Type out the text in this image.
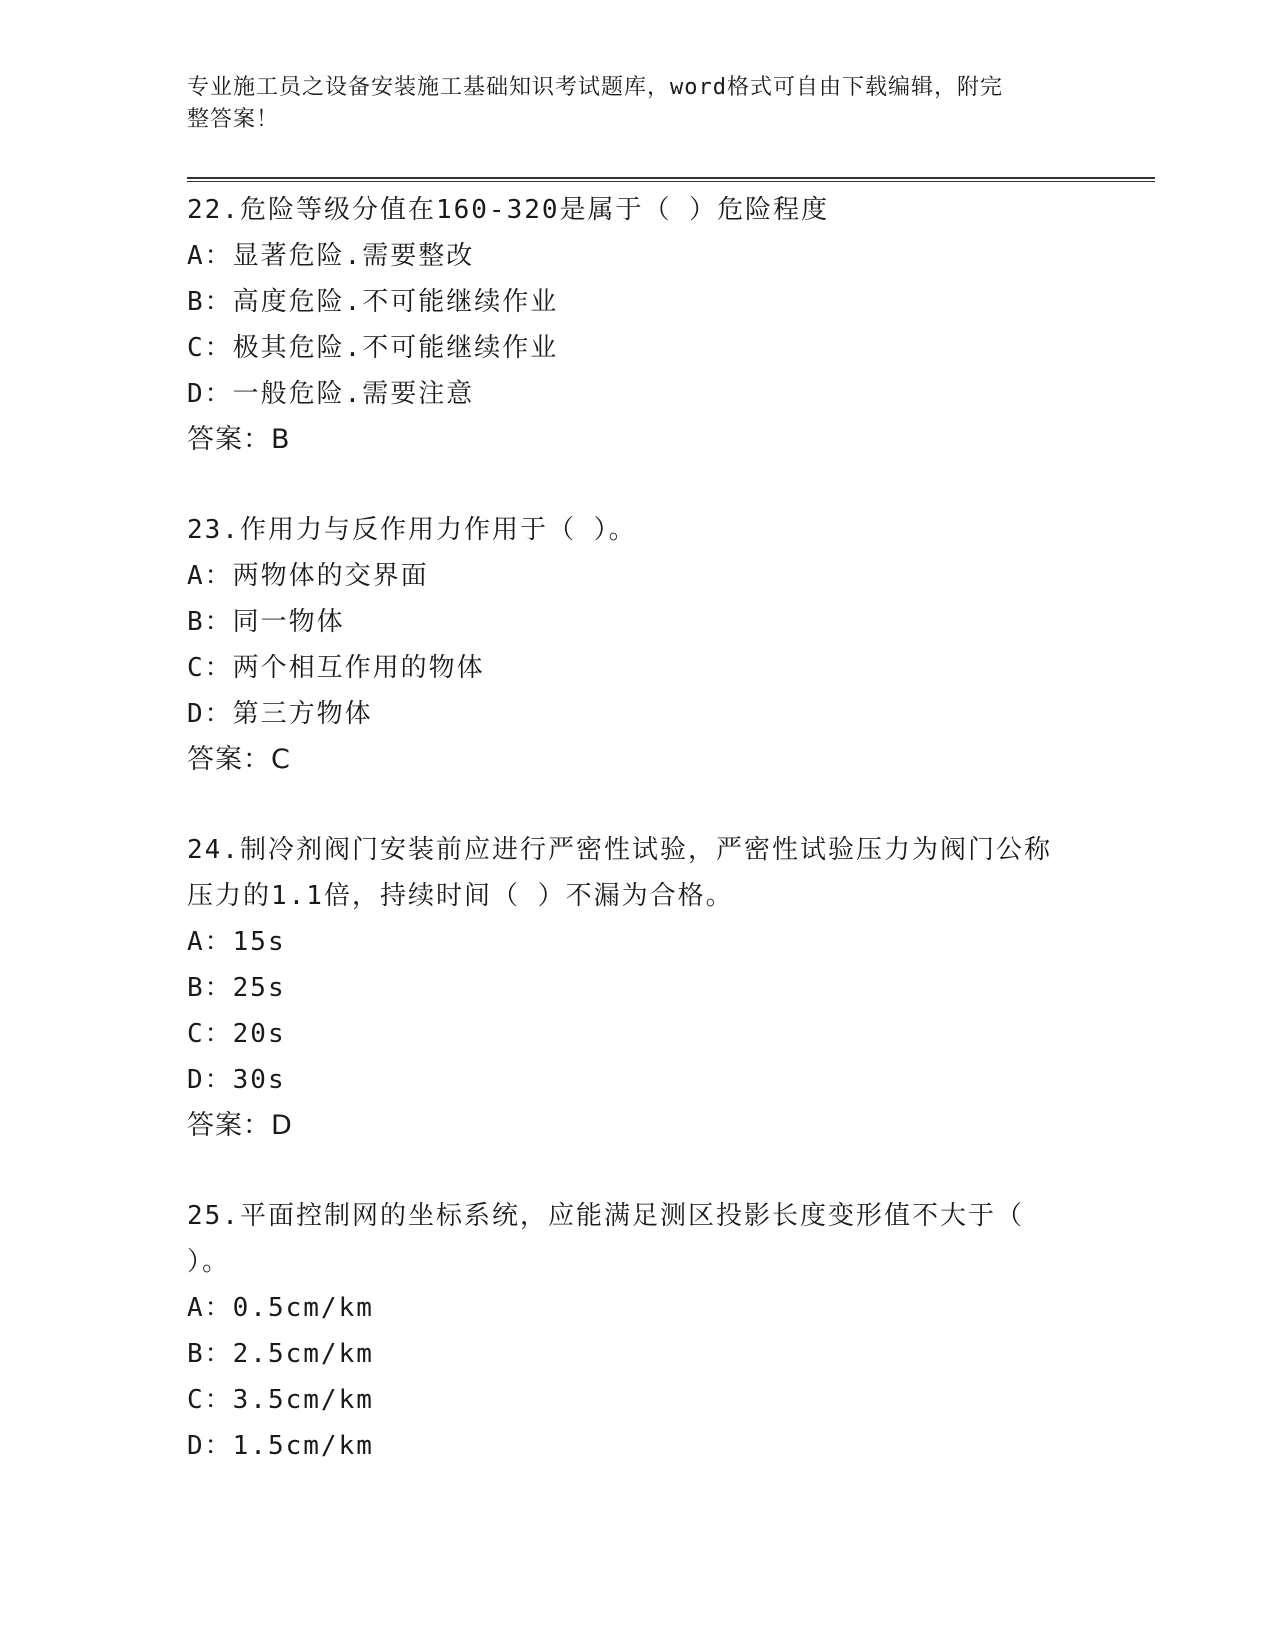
专业施工员之设备安装施工基础知识考试题库，word格式可自由下载编辑，附完
整答案！
22.危险等级分值在160-320是属于（ ）危险程度
A：显著危险.需要整改
B：高度危险.不可能继续作业
C：极其危险.不可能继续作业
D：一般危险.需要注意
答案：B
23.作用力与反作用力作用于（ ）。
A：两物体的交界面
B：同一物体
C：两个相互作用的物体
D：第三方物体
答案：C
24.制冷剂阀门安装前应进行严密性试验，严密性试验压力为阀门公称
压力的1.1倍，持续时间（ ）不漏为合格。
A：15s
B：25s
C：20s
D：30s
答案：D
25.平面控制网的坐标系统，应能满足测区投影长度变形值不大于（
）。
A：0.5cm/km
B：2.5cm/km
C：3.5cm/km
D：1.5cm/km
